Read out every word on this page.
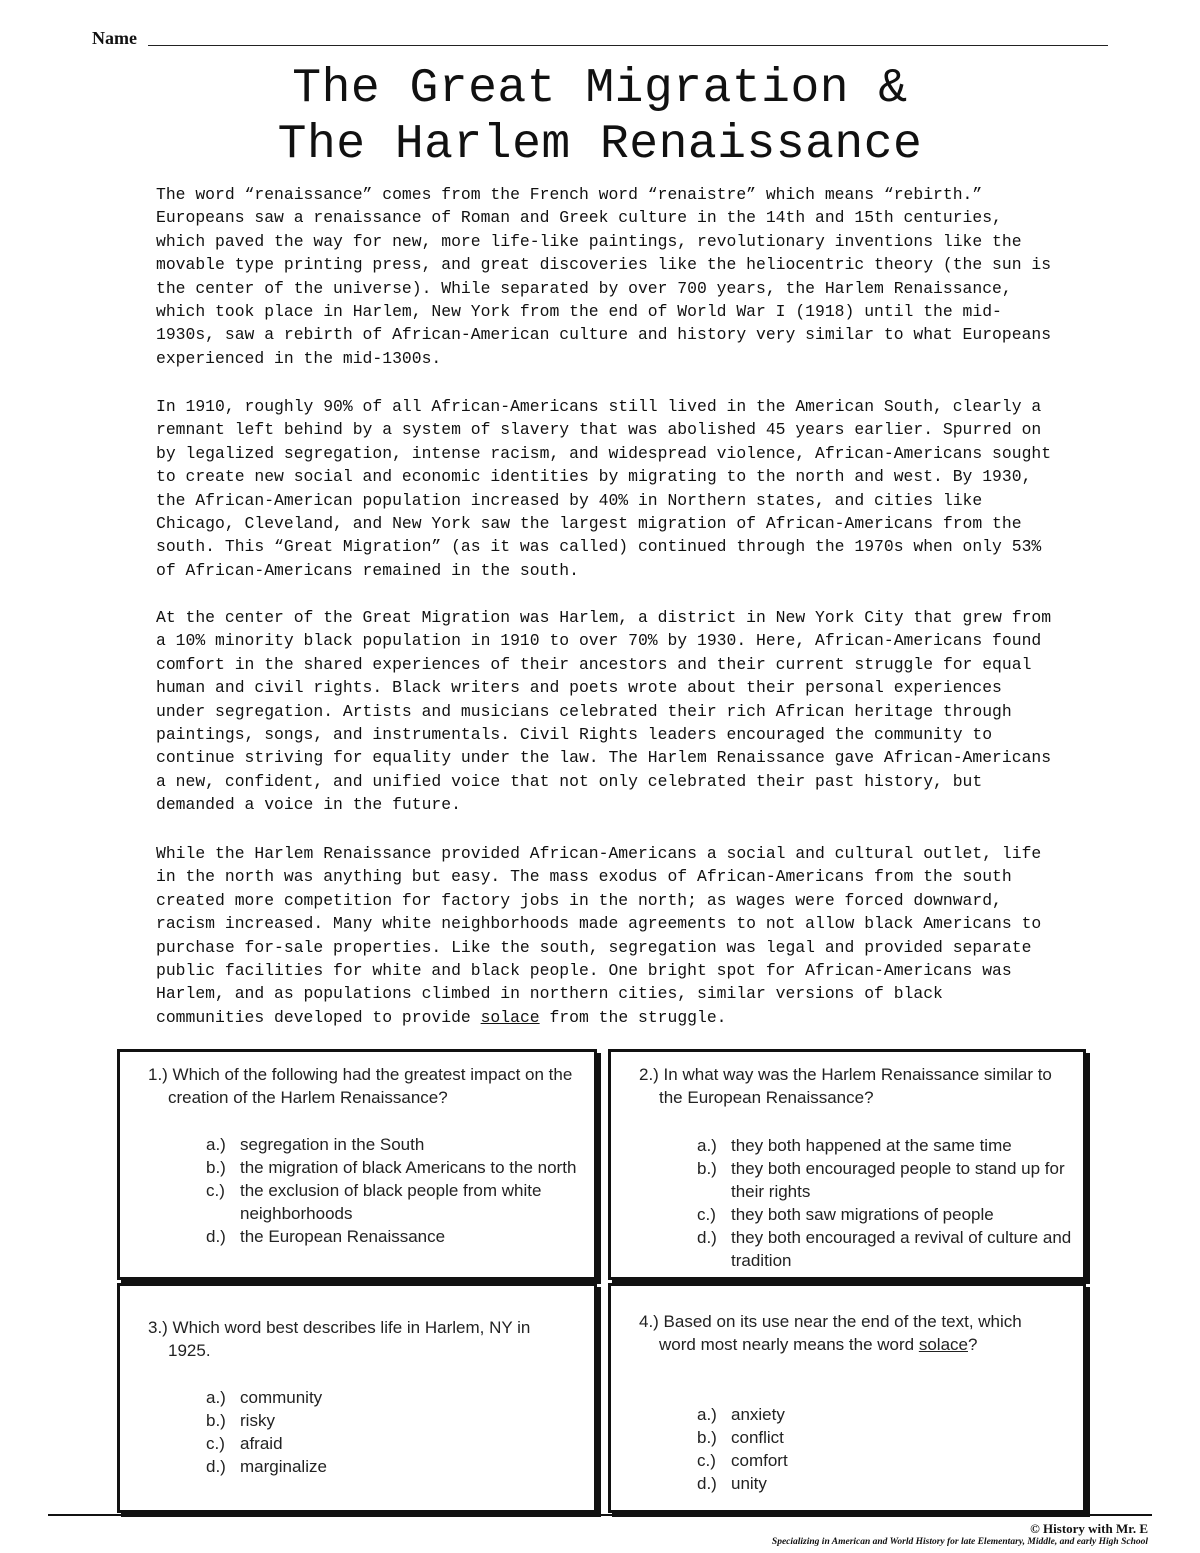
Name
The Great Migration &
The Harlem Renaissance

The word “renaissance” comes from the French word “renaistre” which means “rebirth.” Europeans saw a renaissance of Roman and Greek culture in the 14th and 15th centuries, which paved the way for new, more life-like paintings, revolutionary inventions like the movable type printing press, and great discoveries like the heliocentric theory (the sun is the center of the universe). While separated by over 700 years, the Harlem Renaissance, which took place in Harlem, New York from the end of World War I (1918) until the mid-1930s, saw a rebirth of African-American culture and history very similar to what Europeans experienced in the mid-1300s.

In 1910, roughly 90% of all African-Americans still lived in the American South, clearly a remnant left behind by a system of slavery that was abolished 45 years earlier. Spurred on by legalized segregation, intense racism, and widespread violence, African-Americans sought to create new social and economic identities by migrating to the north and west. By 1930, the African-American population increased by 40% in Northern states, and cities like Chicago, Cleveland, and New York saw the largest migration of African-Americans from the south. This “Great Migration” (as it was called) continued through the 1970s when only 53% of African-Americans remained in the south.

At the center of the Great Migration was Harlem, a district in New York City that grew from a 10% minority black population in 1910 to over 70% by 1930. Here, African-Americans found comfort in the shared experiences of their ancestors and their current struggle for equal human and civil rights. Black writers and poets wrote about their personal experiences under segregation. Artists and musicians celebrated their rich African heritage through paintings, songs, and instrumentals. Civil Rights leaders encouraged the community to continue striving for equality under the law. The Harlem Renaissance gave African-Americans a new, confident, and unified voice that not only celebrated their past history, but demanded a voice in the future.

While the Harlem Renaissance provided African-Americans a social and cultural outlet, life in the north was anything but easy. The mass exodus of African-Americans from the south created more competition for factory jobs in the north; as wages were forced downward, racism increased. Many white neighborhoods made agreements to not allow black Americans to purchase for-sale properties. Like the south, segregation was legal and provided separate public facilities for white and black people. One bright spot for African-Americans was Harlem, and as populations climbed in northern cities, similar versions of black communities developed to provide solace from the struggle.

1.) Which of the following had the greatest impact on the creation of the Harlem Renaissance?
a.) segregation in the South
b.) the migration of black Americans to the north
c.) the exclusion of black people from white neighborhoods
d.) the European Renaissance
2.) In what way was the Harlem Renaissance similar to the European Renaissance?
a.) they both happened at the same time
b.) they both encouraged people to stand up for their rights
c.) they both saw migrations of people
d.) they both encouraged a revival of culture and tradition
3.) Which word best describes life in Harlem, NY in 1925.
a.) community
b.) risky
c.) afraid
d.) marginalize
4.) Based on its use near the end of the text, which word most nearly means the word solace?
a.) anxiety
b.) conflict
c.) comfort
d.) unity
© History with Mr. E
Specializing in American and World History for late Elementary, Middle, and early High School
